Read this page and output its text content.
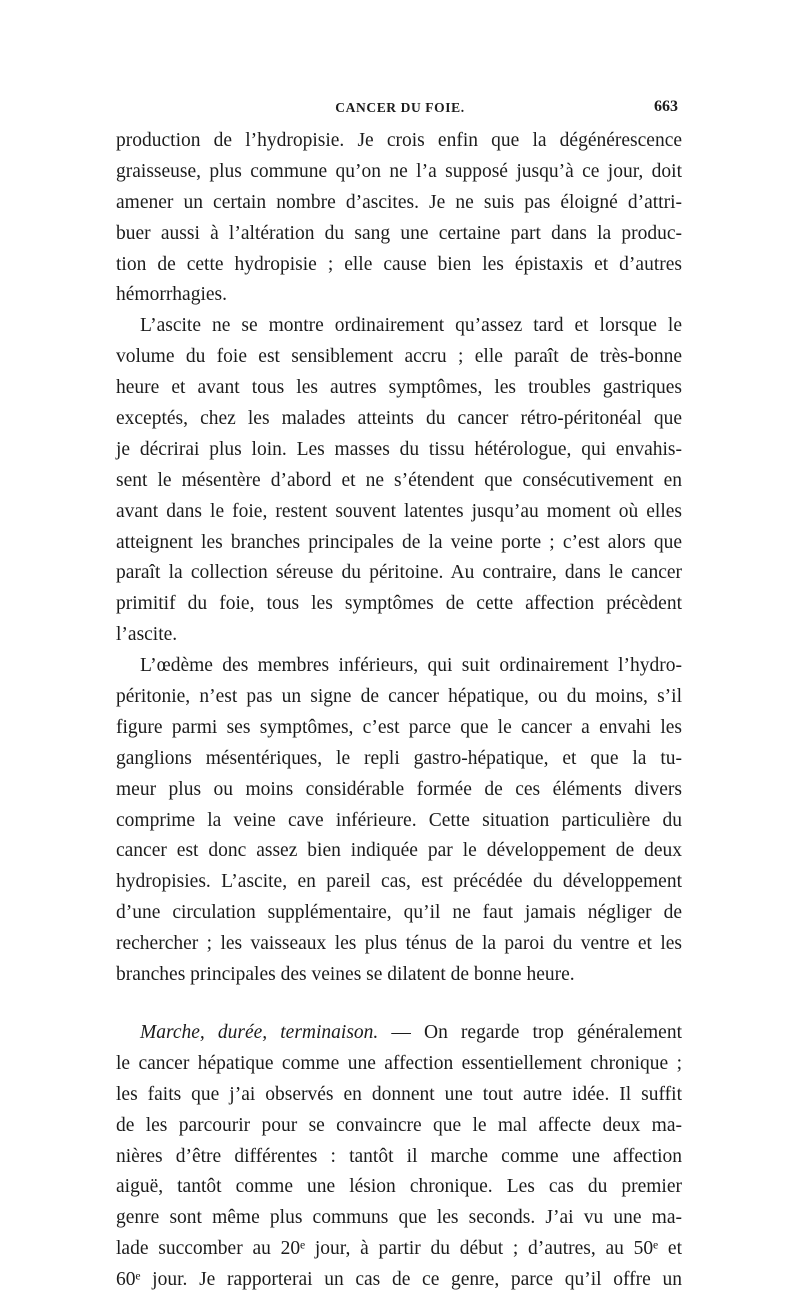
CANCER DU FOIE.	663
production de l’hydropisie. Je crois enfin que la dégénérescence
graisseuse, plus commune qu’on ne l’a supposé jusqu’à ce jour, doit
amener un certain nombre d’ascites. Je ne suis pas éloigné d’attri-
buer aussi à l’altération du sang une certaine part dans la produc-
tion de cette hydropisie ; elle cause bien les épistaxis et d’autres
hémorrhagies.
L’ascite ne se montre ordinairement qu’assez tard et lorsque le
volume du foie est sensiblement accru ; elle paraît de très-bonne
heure et avant tous les autres symptômes, les troubles gastriques
exceptés, chez les malades atteints du cancer rétro-péritonéal que
je décrirai plus loin. Les masses du tissu hétérologue, qui envahis-
sent le mésentère d’abord et ne s’étendent que consécutivement en
avant dans le foie, restent souvent latentes jusqu’au moment où elles
atteignent les branches principales de la veine porte ; c’est alors que
paraît la collection séreuse du péritoine. Au contraire, dans le cancer
primitif du foie, tous les symptômes de cette affection précèdent
l’ascite.
L’œdème des membres inférieurs, qui suit ordinairement l’hydro-
péritonie, n’est pas un signe de cancer hépatique, ou du moins, s’il
figure parmi ses symptômes, c’est parce que le cancer a envahi les
ganglions mésentériques, le repli gastro-hépatique, et que la tu-
meur plus ou moins considérable formée de ces éléments divers
comprime la veine cave inférieure. Cette situation particulière du
cancer est donc assez bien indiquée par le développement de deux
hydropisies. L’ascite, en pareil cas, est précédée du développement
d’une circulation supplémentaire, qu’il ne faut jamais négliger de
rechercher ; les vaisseaux les plus ténus de la paroi du ventre et les
branches principales des veines se dilatent de bonne heure.
Marche, durée, terminaison. — On regarde trop généralement
le cancer hépatique comme une affection essentiellement chronique ;
les faits que j’ai observés en donnent une tout autre idée. Il suffit
de les parcourir pour se convaincre que le mal affecte deux ma-
nières d’être différentes : tantôt il marche comme une affection
aiguë, tantôt comme une lésion chronique. Les cas du premier
genre sont même plus communs que les seconds. J’ai vu une ma-
lade succomber au 20ᵉ jour, à partir du début ; d’autres, au 50ᵉ et
60ᵉ jour. Je rapporterai un cas de ce genre, parce qu’il offre un
